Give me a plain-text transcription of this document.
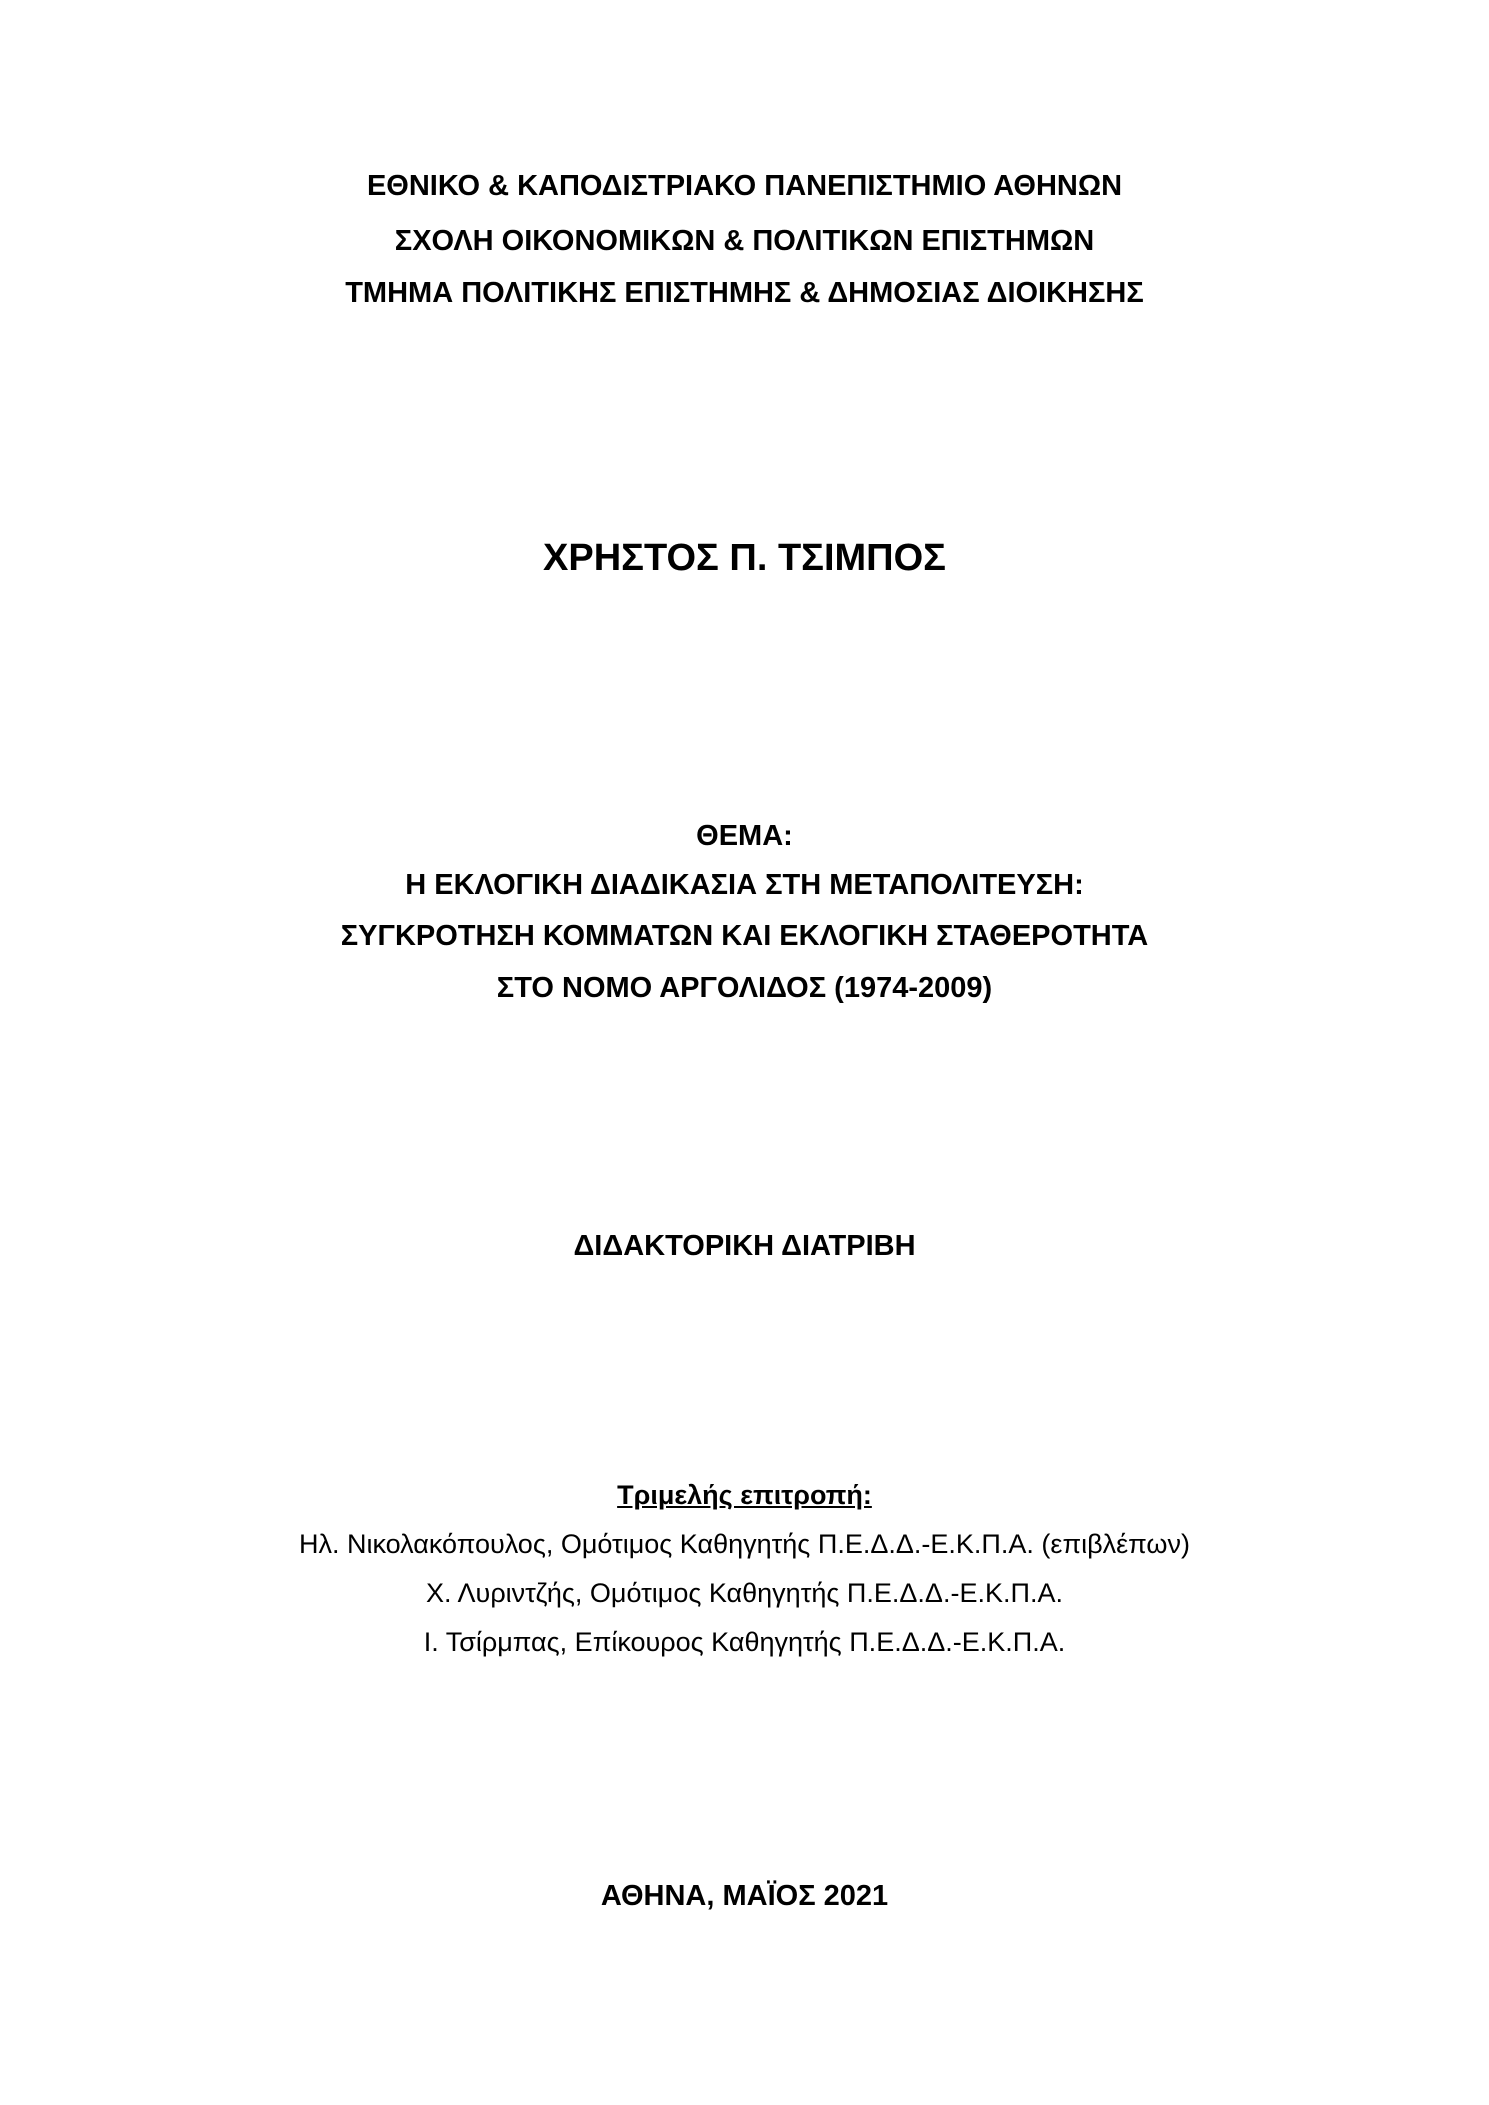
ΕΘΝΙΚΟ & ΚΑΠΟΔΙΣΤΡΙΑΚΟ ΠΑΝΕΠΙΣΤΗΜΙΟ ΑΘΗΝΩΝ

ΣΧΟΛΗ ΟΙΚΟΝΟΜΙΚΩΝ & ΠΟΛΙΤΙΚΩΝ ΕΠΙΣΤΗΜΩΝ

ΤΜΗΜΑ ΠΟΛΙΤΙΚΗΣ ΕΠΙΣΤΗΜΗΣ & ΔΗΜΟΣΙΑΣ ΔΙΟΙΚΗΣΗΣ

ΧΡΗΣΤΟΣ Π. ΤΣΙΜΠΟΣ

ΘΕΜΑ:

Η ΕΚΛΟΓΙΚΗ ΔΙΑΔΙΚΑΣΙΑ ΣΤΗ ΜΕΤΑΠΟΛΙΤΕΥΣΗ:

ΣΥΓΚΡΟΤΗΣΗ ΚΟΜΜΑΤΩΝ ΚΑΙ ΕΚΛΟΓΙΚΗ ΣΤΑΘΕΡΟΤΗΤΑ

ΣΤΟ ΝΟΜΟ ΑΡΓΟΛΙΔΟΣ (1974-2009)

ΔΙΔΑΚΤΟΡΙΚΗ ΔΙΑΤΡΙΒΗ

Τριμελής επιτροπή:

Ηλ. Νικολακόπουλος, Ομότιμος Καθηγητής Π.Ε.Δ.Δ.-Ε.Κ.Π.Α. (επιβλέπων)

Χ. Λυριντζής, Ομότιμος Καθηγητής Π.Ε.Δ.Δ.-Ε.Κ.Π.Α.

Ι. Τσίρμπας, Επίκουρος Καθηγητής Π.Ε.Δ.Δ.-Ε.Κ.Π.Α.

ΑΘΗΝΑ, ΜΑΪΟΣ 2021
